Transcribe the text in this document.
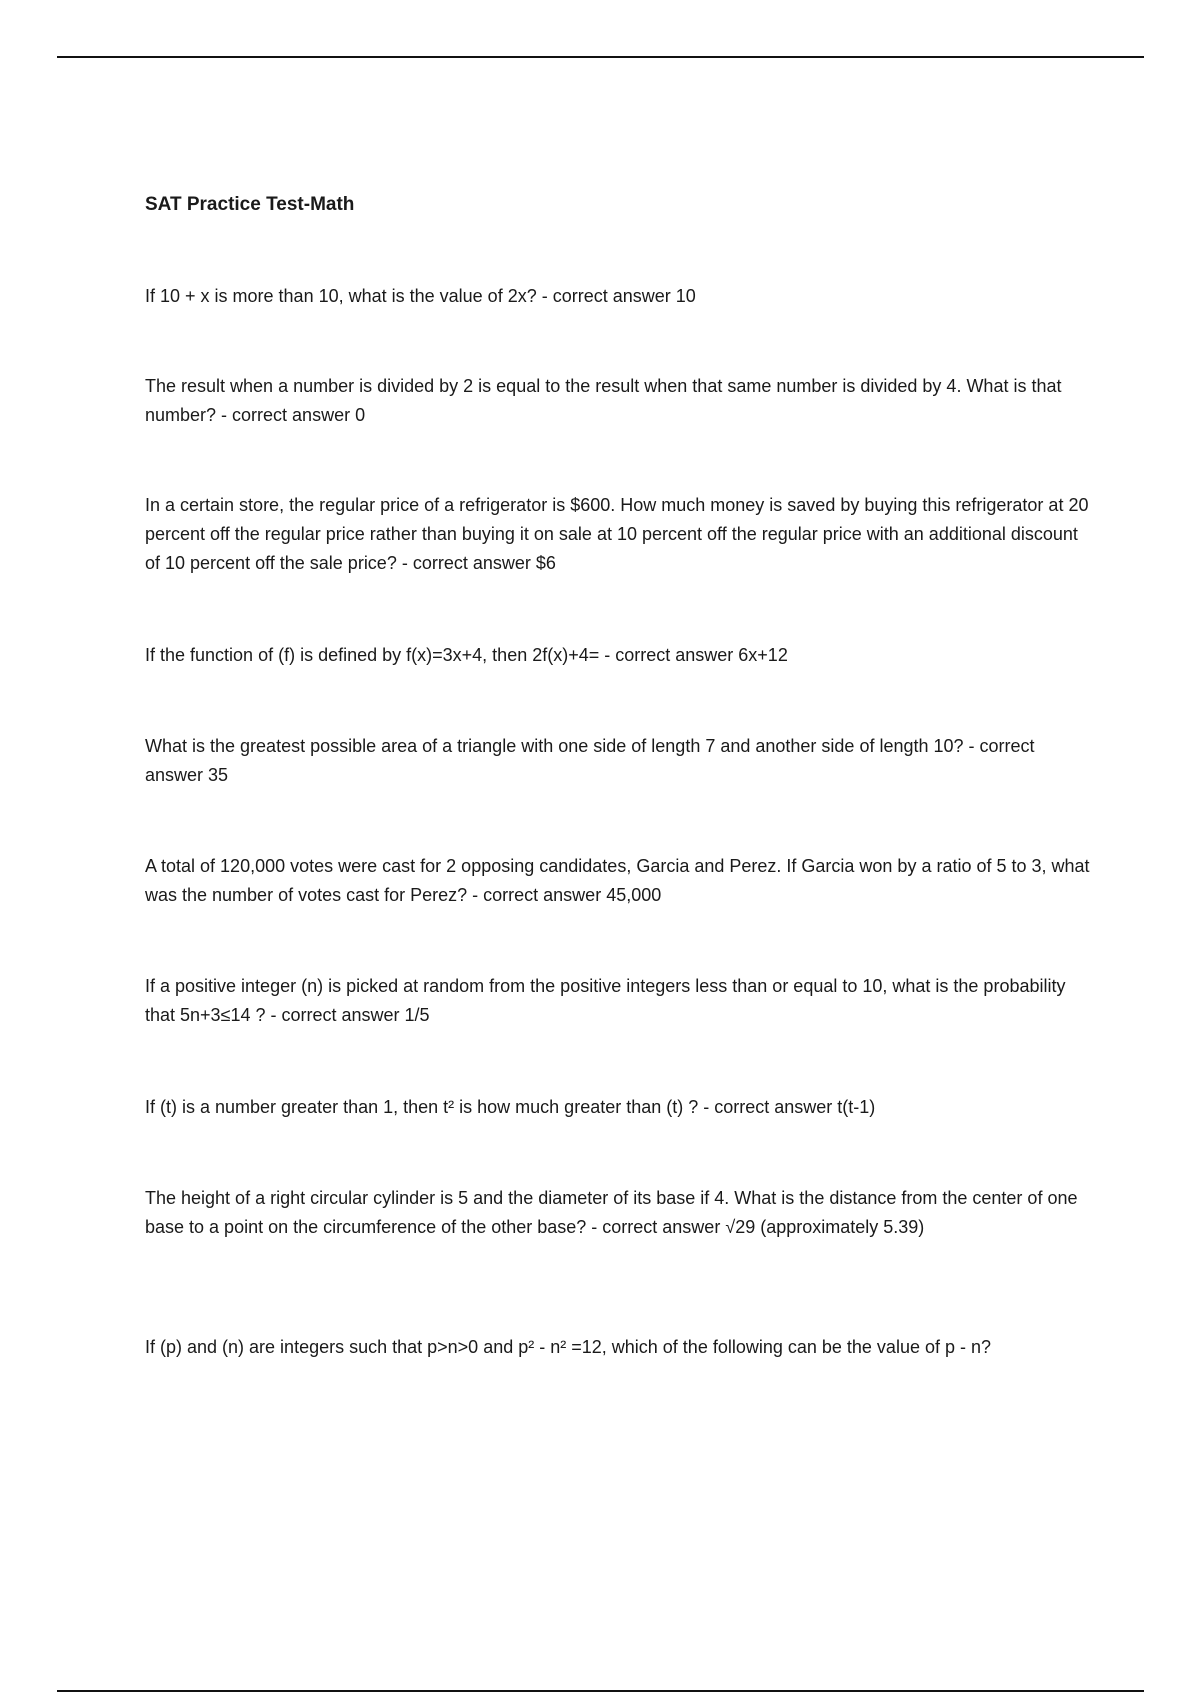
SAT Practice Test-Math

If 10 + x is more than 10, what is the value of 2x? - correct answer 10

The result when a number is divided by 2 is equal to the result when that same number is divided by 4. What is that number? - correct answer 0

In a certain store, the regular price of a refrigerator is $600. How much money is saved by buying this refrigerator at 20 percent off the regular price rather than buying it on sale at 10 percent off the regular price with an additional discount of 10 percent off the sale price? - correct answer $6

If the function of (f) is defined by f(x)=3x+4, then 2f(x)+4= - correct answer 6x+12

What is the greatest possible area of a triangle with one side of length 7 and another side of length 10? - correct answer 35

A total of 120,000 votes were cast for 2 opposing candidates, Garcia and Perez. If Garcia won by a ratio of 5 to 3, what was the number of votes cast for Perez? - correct answer 45,000

If a positive integer (n) is picked at random from the positive integers less than or equal to 10, what is the probability that 5n+3≤14 ? - correct answer 1/5

If (t) is a number greater than 1, then t² is how much greater than (t) ? - correct answer t(t-1)

The height of a right circular cylinder is 5 and the diameter of its base if 4. What is the distance from the center of one base to a point on the circumference of the other base? - correct answer √29 (approximately 5.39)

If (p) and (n) are integers such that p>n>0 and p² - n² =12, which of the following can be the value of p - n?
